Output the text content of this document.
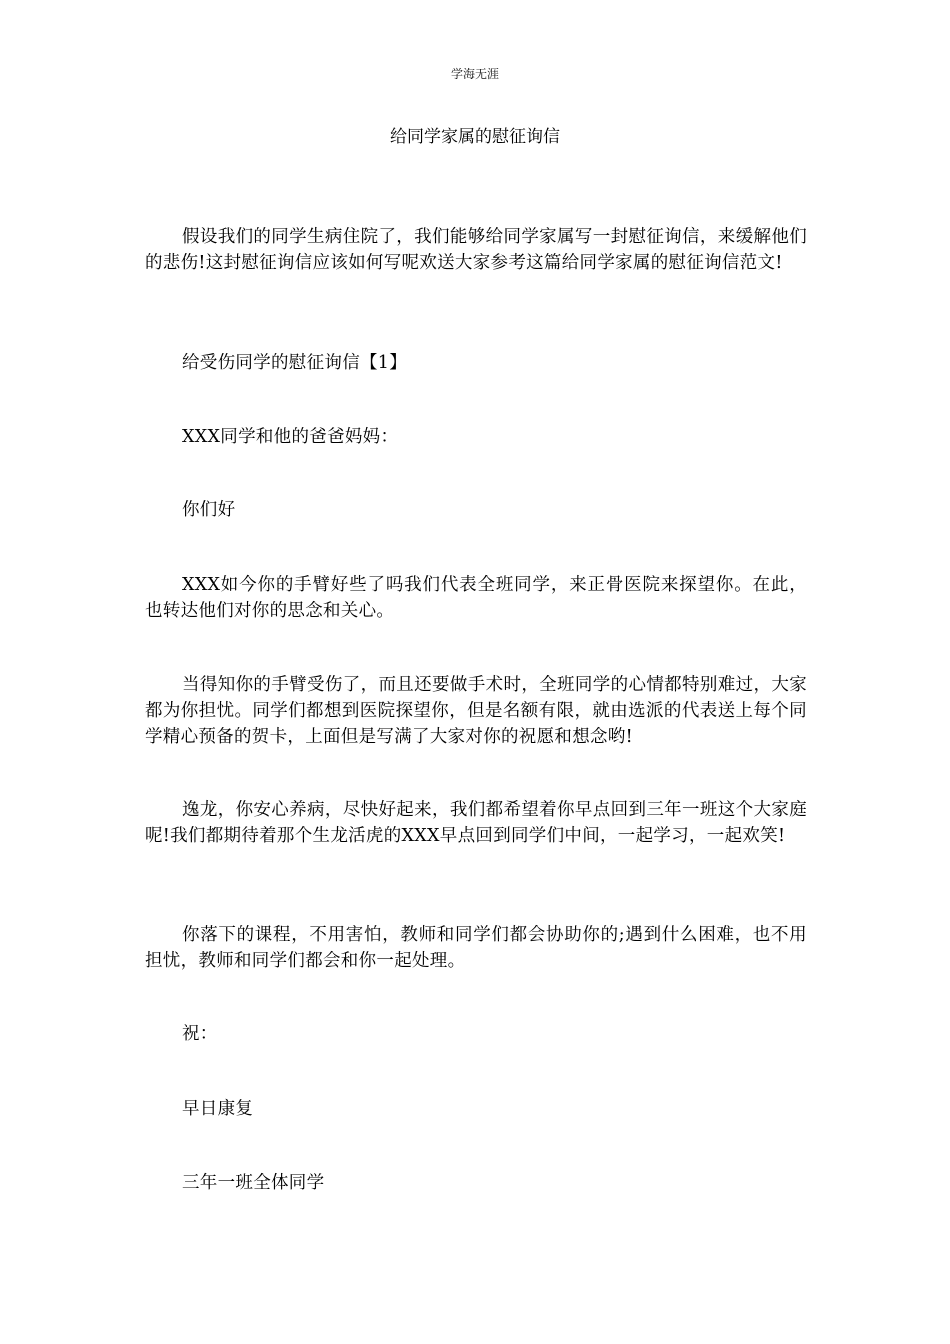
学海无涯
给同学家属的慰征询信

假设我们的同学生病住院了，我们能够给同学家属写一封慰征询信，来缓解他们的悲伤!这封慰征询信应该如何写呢欢送大家参考这篇给同学家属的慰征询信范文!

给受伤同学的慰征询信【1】

XXX同学和他的爸爸妈妈：

你们好

XXX如今你的手臂好些了吗我们代表全班同学，来正骨医院来探望你。在此，也转达他们对你的思念和关心。

当得知你的手臂受伤了，而且还要做手术时，全班同学的心情都特别难过，大家都为你担忧。同学们都想到医院探望你，但是名额有限，就由选派的代表送上每个同学精心预备的贺卡，上面但是写满了大家对你的祝愿和想念哟!

逸龙，你安心养病，尽快好起来，我们都希望着你早点回到三年一班这个大家庭呢!我们都期待着那个生龙活虎的XXX早点回到同学们中间，一起学习，一起欢笑!

你落下的课程，不用害怕，教师和同学们都会协助你的;遇到什么困难，也不用担忧，教师和同学们都会和你一起处理。

祝：

早日康复

三年一班全体同学
